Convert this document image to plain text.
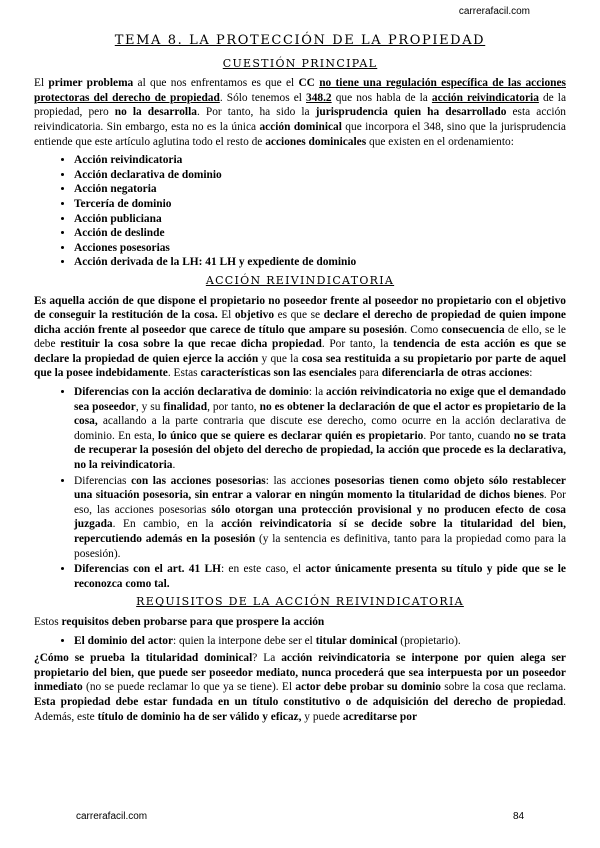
carrerafacil.com
TEMA 8. LA PROTECCIÓN DE LA PROPIEDAD
CUESTIÓN PRINCIPAL

El primer problema al que nos enfrentamos es que el CC no tiene una regulación específica de las acciones protectoras del derecho de propiedad. Sólo tenemos el 348.2 que nos habla de la acción reivindicatoria de la propiedad, pero no la desarrolla. Por tanto, ha sido la jurisprudencia quien ha desarrollado esta acción reivindicatoria. Sin embargo, esta no es la única acción dominical que incorpora el 348, sino que la jurisprudencia entiende que este artículo aglutina todo el resto de acciones dominicales que existen en el ordenamiento:

• Acción reivindicatoria
• Acción declarativa de dominio
• Acción negatoria
• Tercería de dominio
• Acción publiciana
• Acción de deslinde
• Acciones posesorias
• Acción derivada de la LH: 41 LH y expediente de dominio
ACCIÓN REIVINDICATORIA

Es aquella acción de que dispone el propietario no poseedor frente al poseedor no propietario con el objetivo de conseguir la restitución de la cosa. El objetivo es que se declare el derecho de propiedad de quien impone dicha acción frente al poseedor que carece de título que ampare su posesión. Como consecuencia de ello, se le debe restituir la cosa sobre la que recae dicha propiedad. Por tanto, la tendencia de esta acción es que se declare la propiedad de quien ejerce la acción y que la cosa sea restituida a su propietario por parte de aquel que la posee indebidamente. Estas características son las esenciales para diferenciarla de otras acciones:

• Diferencias con la acción declarativa de dominio: la acción reivindicatoria no exige que el demandado sea poseedor, y su finalidad, por tanto, no es obtener la declaración de que el actor es propietario de la cosa, acallando a la parte contraria que discute ese derecho, como ocurre en la acción declarativa de dominio. En esta, lo único que se quiere es declarar quién es propietario. Por tanto, cuando no se trata de recuperar la posesión del objeto del derecho de propiedad, la acción que procede es la declarativa, no la reivindicatoria.
• Diferencias con las acciones posesorias: las acciones posesorias tienen como objeto sólo restablecer una situación posesoria, sin entrar a valorar en ningún momento la titularidad de dichos bienes. Por eso, las acciones posesorias sólo otorgan una protección provisional y no producen efecto de cosa juzgada. En cambio, en la acción reivindicatoria sí se decide sobre la titularidad del bien, repercutiendo además en la posesión (y la sentencia es definitiva, tanto para la propiedad como para la posesión).
• Diferencias con el art. 41 LH: en este caso, el actor únicamente presenta su título y pide que se le reconozca como tal.
REQUISITOS DE LA ACCIÓN REIVINDICATORIA

Estos requisitos deben probarse para que prospere la acción

• El dominio del actor: quien la interpone debe ser el titular dominical (propietario).

¿Cómo se prueba la titularidad dominical? La acción reivindicatoria se interpone por quien alega ser propietario del bien, que puede ser poseedor mediato, nunca procederá que sea interpuesta por un poseedor inmediato (no se puede reclamar lo que ya se tiene). El actor debe probar su dominio sobre la cosa que reclama. Esta propiedad debe estar fundada en un título constitutivo o de adquisición del derecho de propiedad. Además, este título de dominio ha de ser válido y eficaz, y puede acreditarse por

carrerafacil.com	84
